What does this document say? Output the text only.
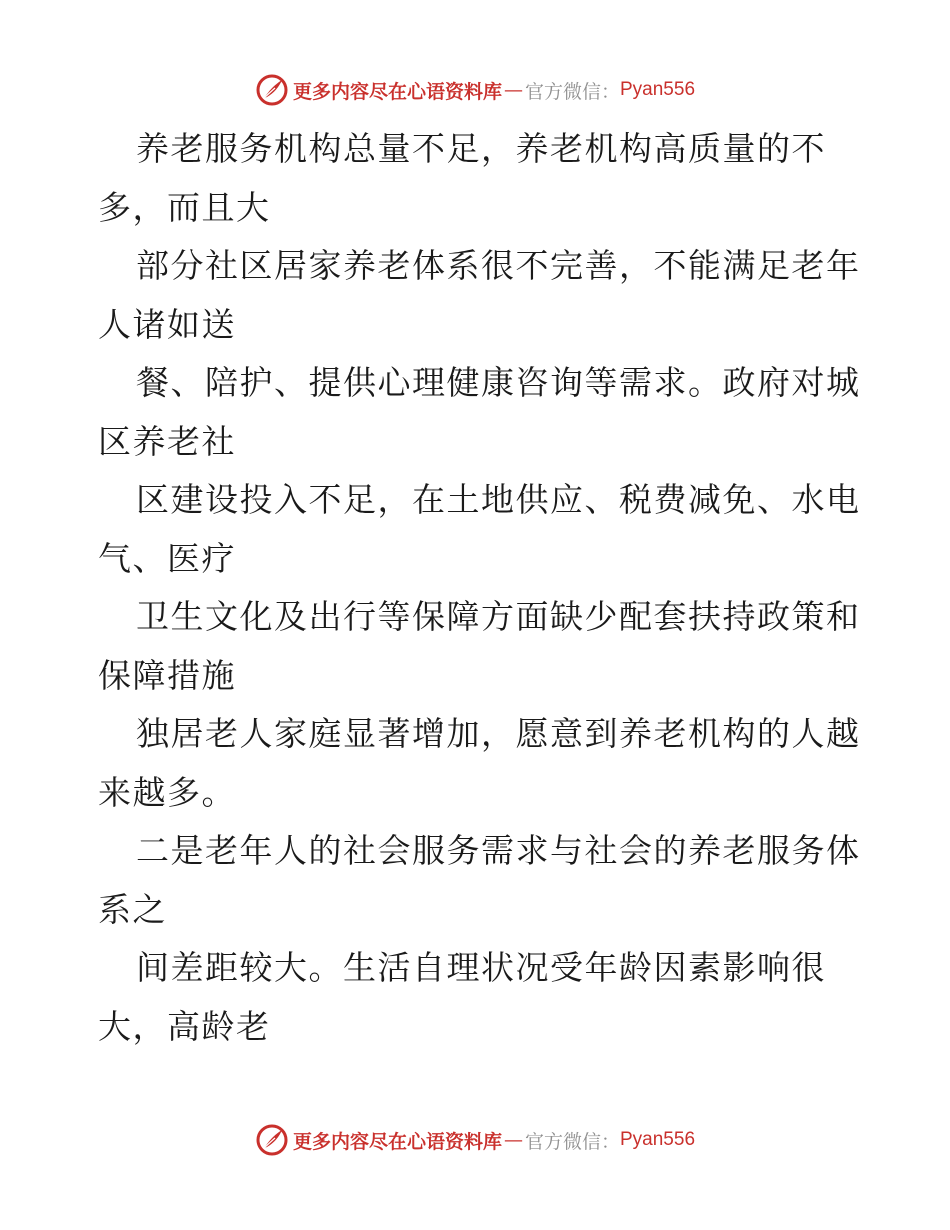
更多内容尽在心语资料库 — 官方微信： Pyan556

养老服务机构总量不足，养老机构高质量的不
多，而且大

部分社区居家养老体系很不完善，不能满足老年
人诸如送

餐、陪护、提供心理健康咨询等需求。政府对城
区养老社

区建设投入不足，在土地供应、税费减免、水电
气、医疗

卫生文化及出行等保障方面缺少配套扶持政策和
保障措施

独居老人家庭显著增加，愿意到养老机构的人越
来越多。

二是老年人的社会服务需求与社会的养老服务体
系之

间差距较大。生活自理状况受年龄因素影响很
大，高龄老

更多内容尽在心语资料库 — 官方微信： Pyan556
